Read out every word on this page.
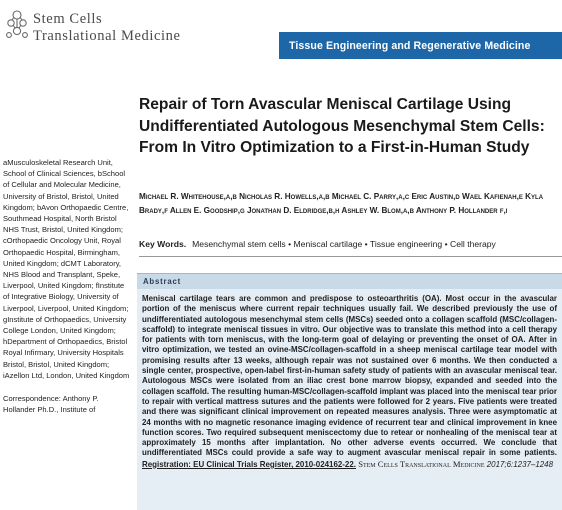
Stem Cells
Translational Medicine
Tissue Engineering and Regenerative Medicine
Repair of Torn Avascular Meniscal Cartilage Using Undifferentiated Autologous Mesenchymal Stem Cells: From In Vitro Optimization to a First-in-Human Study
Michael R. Whitehouse,a,b Nicholas R. Howells,a,b Michael C. Parry,a,c Eric Austin,d Wael Kafienah,e Kyla Brady,f Allen E. Goodship,g Jonathan D. Eldridge,b,h Ashley W. Blom,a,b Anthony P. Hollander f,i
Key Words. Mesenchymal stem cells • Meniscal cartilage • Tissue engineering • Cell therapy
aMusculoskeletal Research Unit, School of Clinical Sciences, bSchool of Cellular and Molecular Medicine, University of Bristol, Bristol, United Kingdom; bAvon Orthopaedic Centre, Southmead Hospital, North Bristol NHS Trust, Bristol, United Kingdom; cOrthopaedic Oncology Unit, Royal Orthopaedic Hospital, Birmingham, United Kingdom; dCMT Laboratory, NHS Blood and Transplant, Speke, Liverpool, United Kingdom; fInstitute of Integrative Biology, University of Liverpool, Liverpool, United Kingdom; gInstitute of Orthopaedics, University College London, United Kingdom; hDepartment of Orthopaedics, Bristol Royal Infirmary, University Hospitals Bristol, Bristol, United Kingdom; iAzellon Ltd, London, United Kingdom
Correspondence: Anthony P. Hollander Ph.D., Institute of
Abstract
Meniscal cartilage tears are common and predispose to osteoarthritis (OA). Most occur in the avascular portion of the meniscus where current repair techniques usually fail. We described previously the use of undifferentiated autologous mesenchymal stem cells (MSCs) seeded onto a collagen scaffold (MSC/collagen-scaffold) to integrate meniscal tissues in vitro. Our objective was to translate this method into a cell therapy for patients with torn meniscus, with the long-term goal of delaying or preventing the onset of OA. After in vitro optimization, we tested an ovine-MSC/collagen-scaffold in a sheep meniscal cartilage tear model with promising results after 13 weeks, although repair was not sustained over 6 months. We then conducted a single center, prospective, open-label first-in-human safety study of patients with an avascular meniscal tear. Autologous MSCs were isolated from an iliac crest bone marrow biopsy, expanded and seeded into the collagen scaffold. The resulting human-MSC/collagen-scaffold implant was placed into the meniscal tear prior to repair with vertical mattress sutures and the patients were followed for 2 years. Five patients were treated and there was significant clinical improvement on repeated measures analysis. Three were asymptomatic at 24 months with no magnetic resonance imaging evidence of recurrent tear and clinical improvement in knee function scores. Two required subsequent meniscectomy due to retear or nonhealing of the meniscal tear at approximately 15 months after implantation. No other adverse events occurred. We conclude that undifferentiated MSCs could provide a safe way to augment avascular meniscal repair in some patients. Registration: EU Clinical Trials Register, 2010-024162-22. Stem Cells Translational Medicine 2017;6:1237–1248
